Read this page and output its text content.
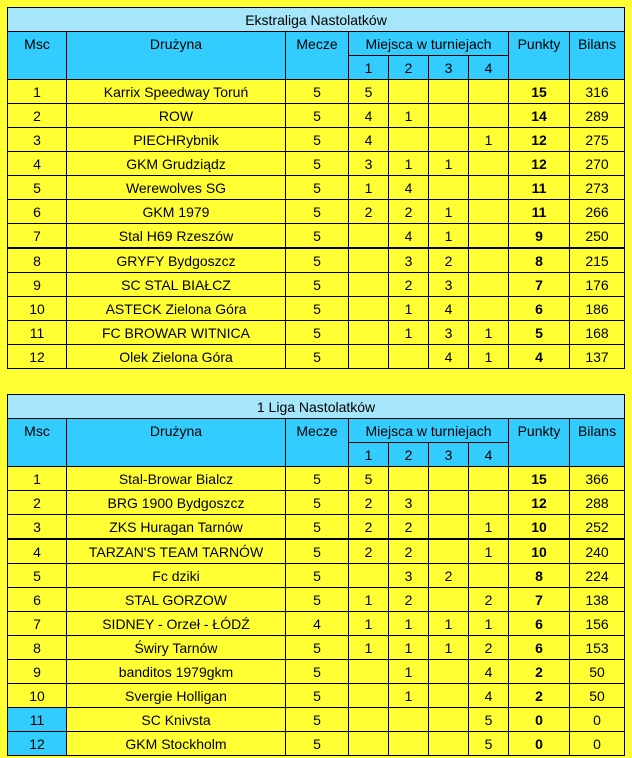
Ekstraliga Nastolatków								
Msc	Drużyna	Mecze	Miejsca w turniejach				Punkty	Bilans
			1	2	3	4		
1	Karrix Speedway Toruń	5	5				15	316
2	ROW	5	4	1			14	289
3	PIECHRybnik	5	4			1	12	275
4	GKM Grudziądz	5	3	1	1		12	270
5	Werewolves SG	5	1	4			11	273
6	GKM 1979	5	2	2	1		11	266
7	Stal H69 Rzeszów	5		4	1		9	250
8	GRYFY Bydgoszcz	5		3	2		8	215
9	SC STAL BIAŁCZ	5		2	3		7	176
10	ASTECK Zielona Góra	5		1	4		6	186
11	FC BROWAR WITNICA	5		1	3	1	5	168
12	Olek Zielona Góra	5			4	1	4	137
1 Liga Nastolatków								
Msc	Drużyna	Mecze	Miejsca w turniejach				Punkty	Bilans
			1	2	3	4		
1	Stal-Browar Bialcz	5	5				15	366
2	BRG 1900 Bydgoszcz	5	2	3			12	288
3	ZKS Huragan Tarnów	5	2	2		1	10	252
4	TARZAN'S TEAM TARNÓW	5	2	2		1	10	240
5	Fc dziki	5		3	2		8	224
6	STAL GORZOW	5	1	2		2	7	138
7	SIDNEY - Orzeł - ŁÓDŹ	4	1	1	1	1	6	156
8	Świry Tarnów	5	1	1	1	2	6	153
9	banditos 1979gkm	5		1		4	2	50
10	Svergie Holligan	5		1		4	2	50
11	SC Knivsta	5				5	0	0
12	GKM Stockholm	5				5	0	0
